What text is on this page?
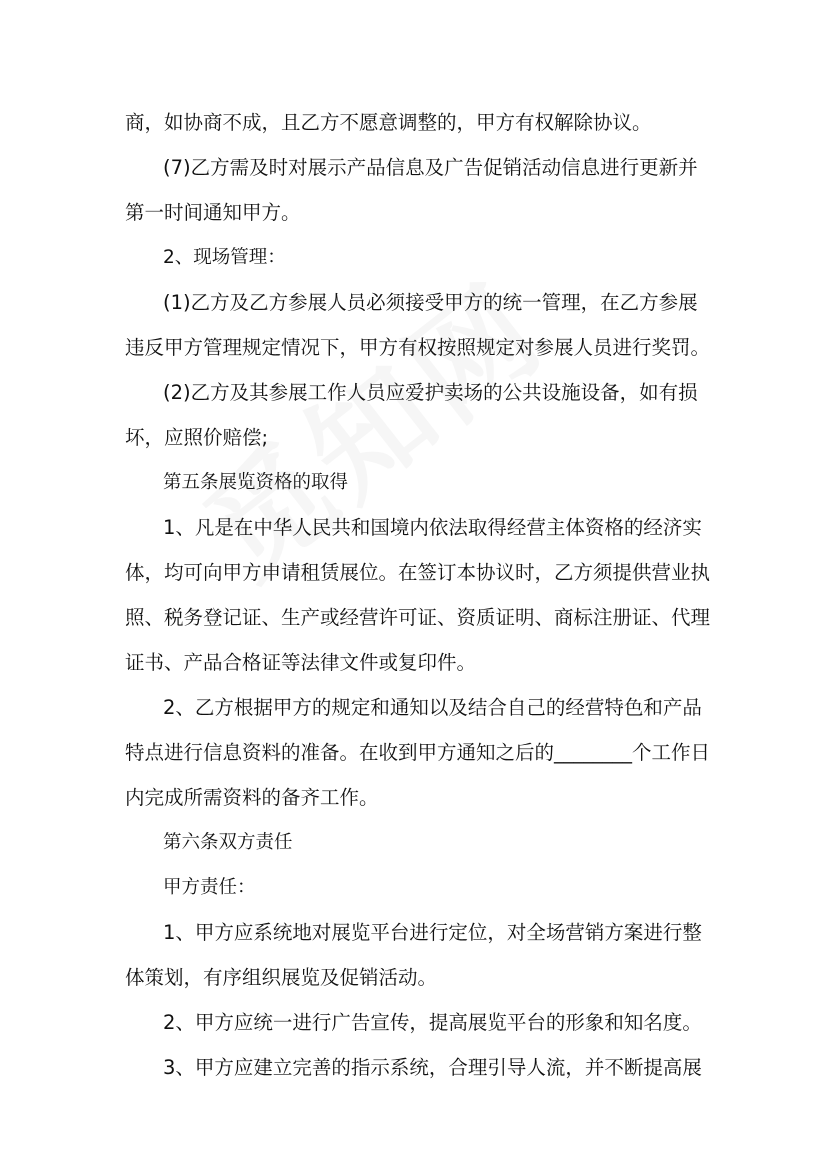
商，如协商不成，且乙方不愿意调整的，甲方有权解除协议。

(7)乙方需及时对展示产品信息及广告促销活动信息进行更新并

第一时间通知甲方。

2、现场管理：

(1)乙方及乙方参展人员必须接受甲方的统一管理，在乙方参展

违反甲方管理规定情况下，甲方有权按照规定对参展人员进行奖罚。

(2)乙方及其参展工作人员应爱护卖场的公共设施设备，如有损

坏，应照价赔偿;

第五条展览资格的取得

1、凡是在中华人民共和国境内依法取得经营主体资格的经济实

体，均可向甲方申请租赁展位。在签订本协议时，乙方须提供营业执

照、税务登记证、生产或经营许可证、资质证明、商标注册证、代理

证书、产品合格证等法律文件或复印件。

2、乙方根据甲方的规定和通知以及结合自己的经营特色和产品

特点进行信息资料的准备。在收到甲方通知之后的________个工作日

内完成所需资料的备齐工作。

第六条双方责任

甲方责任：

1、甲方应系统地对展览平台进行定位，对全场营销方案进行整

体策划，有序组织展览及促销活动。

2、甲方应统一进行广告宣传，提高展览平台的形象和知名度。

3、甲方应建立完善的指示系统，合理引导人流，并不断提高展
